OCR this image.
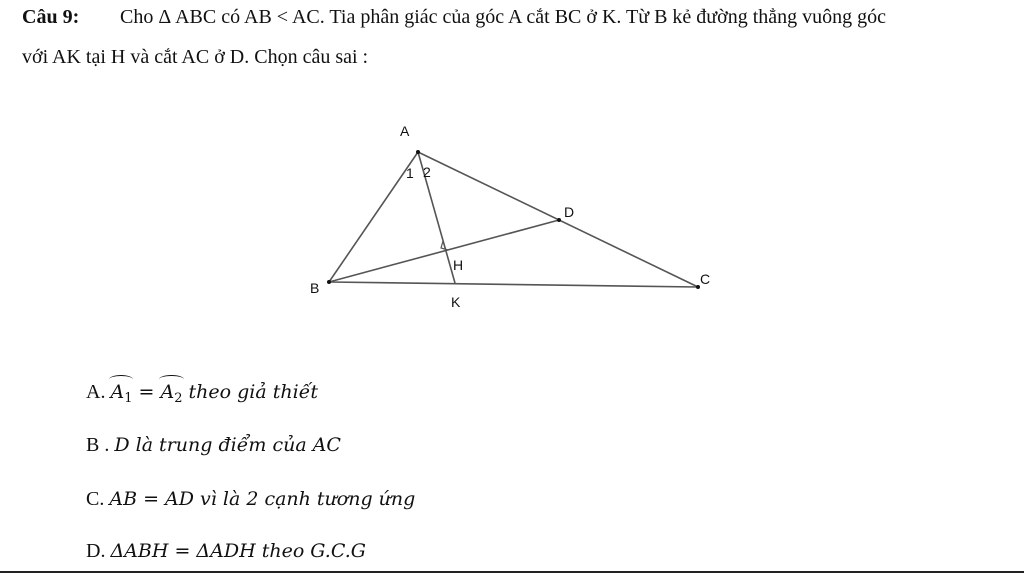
Câu 9: Cho Δ ABC có AB < AC. Tia phân giác của góc A cắt BC ở K. Từ B kẻ đường thẳng vuông góc
với AK tại H và cắt AC ở D. Chọn câu sai :
A
B
C
D
H
K
1 2
A. $A_1 = A_2$ theo giả thiết
B . D là trung điểm của AC
C. AB = AD vì là 2 cạnh tương ứng
D. ΔABH = ΔADH theo G.C.G
